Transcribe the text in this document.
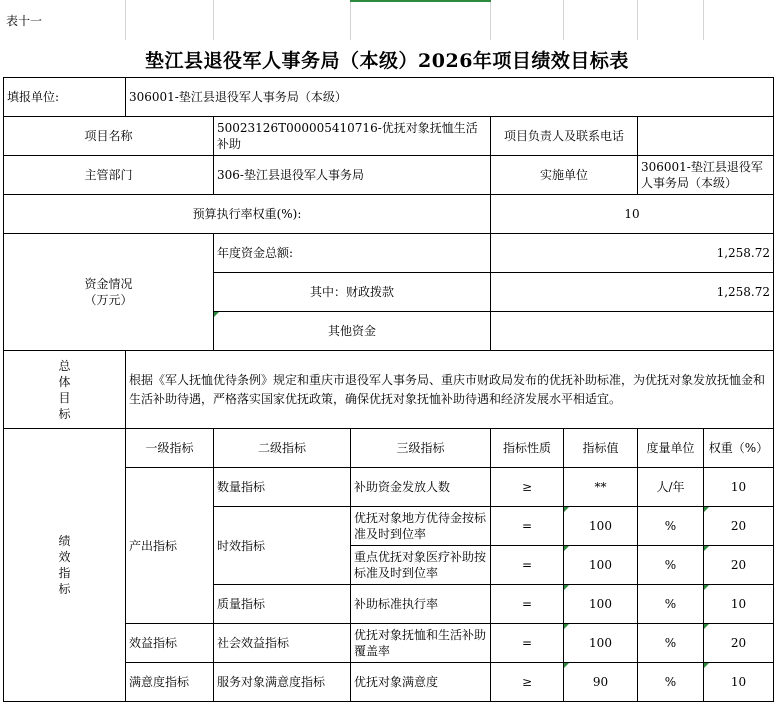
表十一
垫江县退役军人事务局（本级）2026年项目绩效目标表
填报单位:	306001-垫江县退役军人事务局（本级）						
项目名称		50023126T000005410716-优抚对象抚恤生活补助		项目负责人及联系电话			
主管部门		306-垫江县退役军人事务局		实施单位		306001-垫江县退役军人事务局（本级）	
预算执行率权重(%):				10			

资金情况
（万元）		年度资金总额:		1,258.72			
		其中：财政拨款		1,258.72			
		其他资金					

总
体
目
标	根据《军人抚恤优待条例》规定和重庆市退役军人事务局、重庆市财政局发布的优抚补助标准，为优抚对象发放抚恤金和生活补助待遇，严格落实国家优抚政策，确保优抚对象抚恤补助待遇和经济发展水平相适宜。						

绩
效
指
标	一级指标	二级指标	三级指标	指标性质	指标值	度量单位	权重（%）
	产出指标	数量指标	补助资金发放人数	≥	**	人/年	10
		时效指标	优抚对象地方优待金按标准及时到位率	=	100	%	20
			重点优抚对象医疗补助按标准及时到位率	=	100	%	20
		质量指标	补助标准执行率	=	100	%	10
	效益指标	社会效益指标	优抚对象抚恤和生活补助覆盖率	=	100	%	20
	满意度指标	服务对象满意度指标	优抚对象满意度	≥	90	%	10
